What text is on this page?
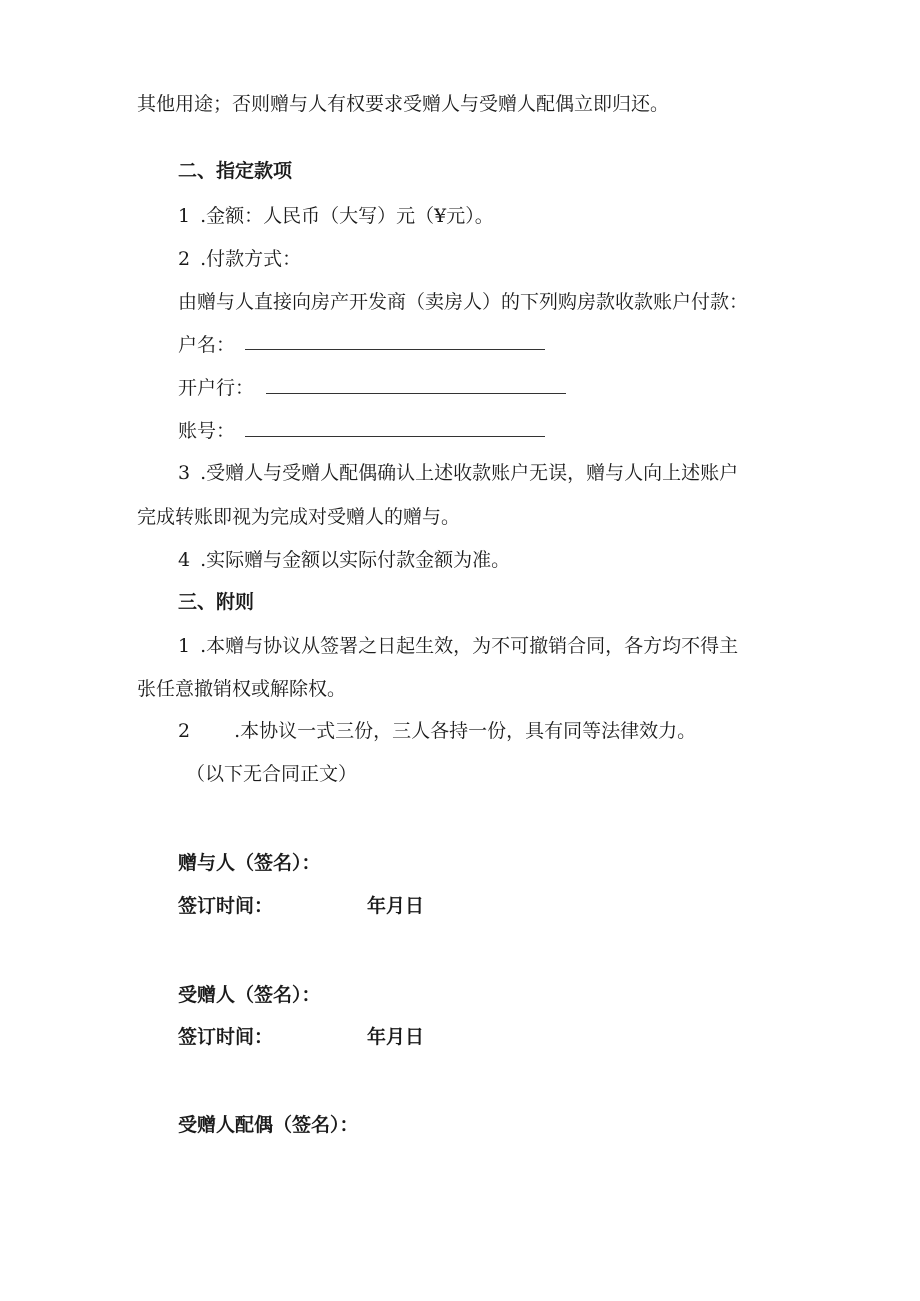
其他用途；否则赠与人有权要求受赠人与受赠人配偶立即归还。
二、指定款项
1 .金额：人民币（大写）元（¥元）。
2 .付款方式：
由赠与人直接向房产开发商（卖房人）的下列购房款收款账户付款：
户名：
开户行：
账号：
3 .受赠人与受赠人配偶确认上述收款账户无误，赠与人向上述账户
完成转账即视为完成对受赠人的赠与。
4 .实际赠与金额以实际付款金额为准。
三、附则
1 .本赠与协议从签署之日起生效，为不可撤销合同，各方均不得主
张任意撤销权或解除权。
2 .本协议一式三份，三人各持一份，具有同等法律效力。
（以下无合同正文）
赠与人（签名）：
签订时间：	年月日
受赠人（签名）：
签订时间：	年月日
受赠人配偶（签名）：
